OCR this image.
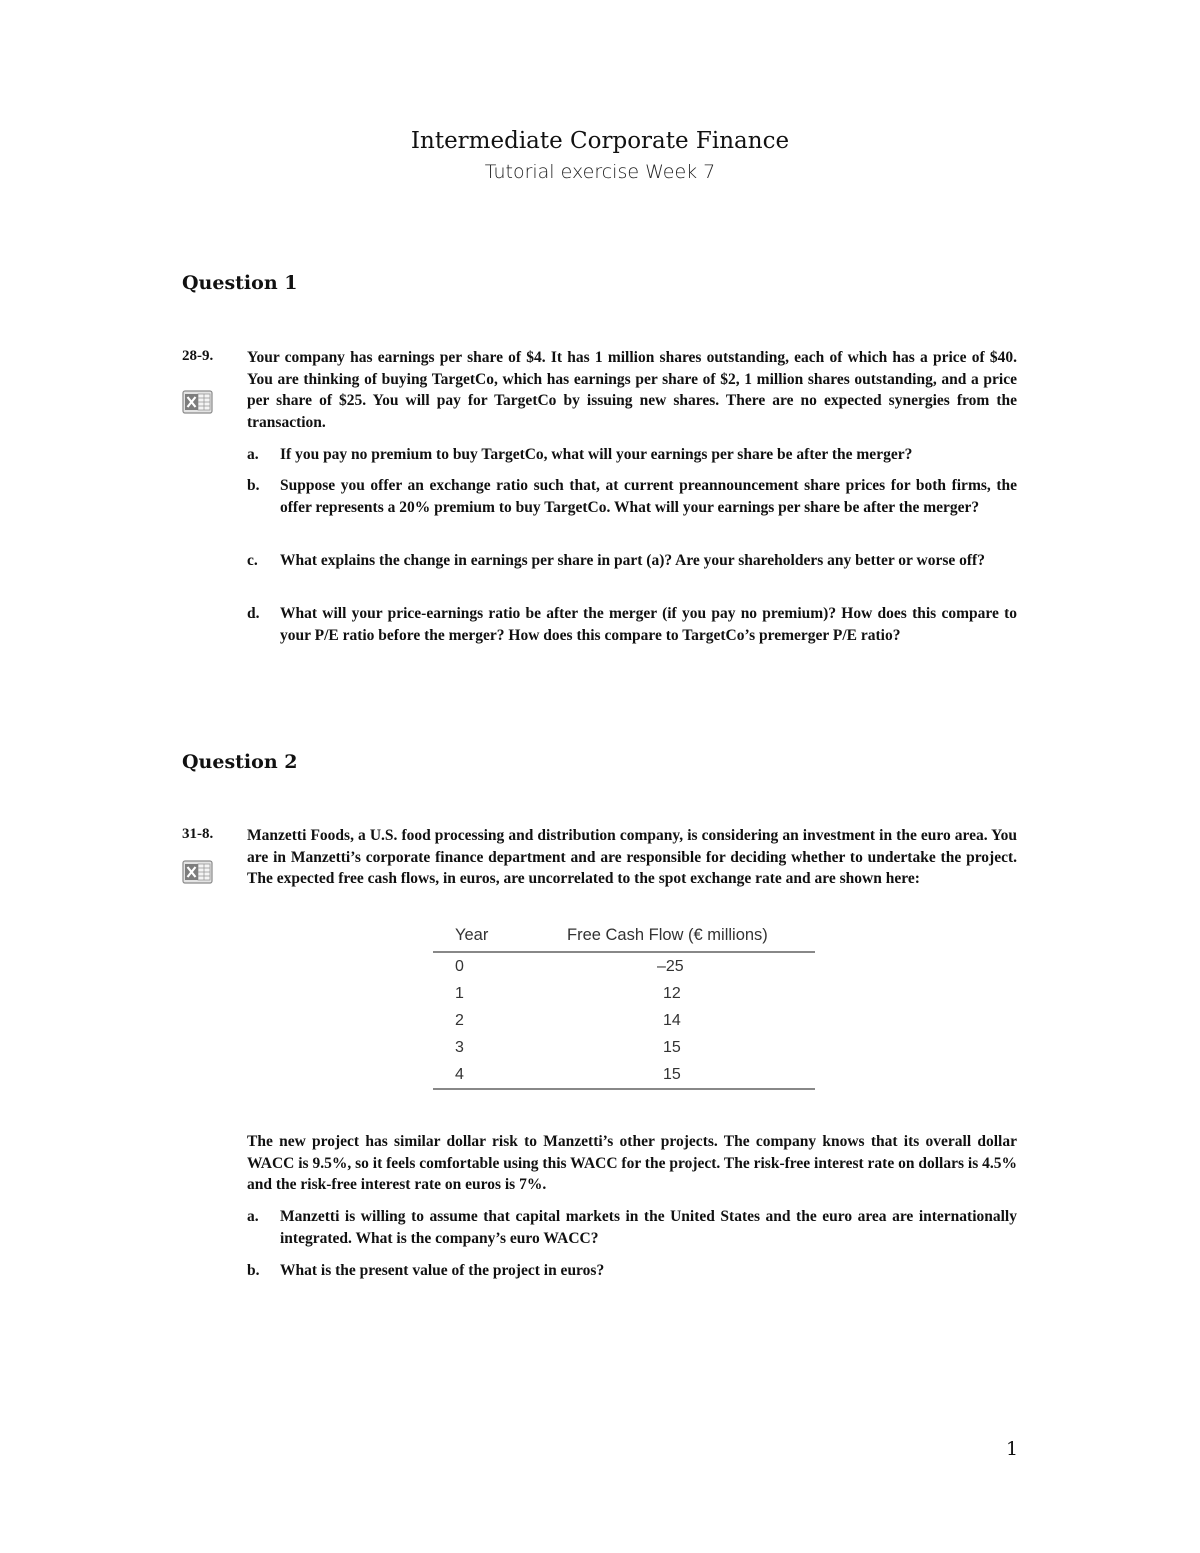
Intermediate Corporate Finance
Tutorial exercise Week 7
Question 1
28-9. Your company has earnings per share of $4. It has 1 million shares outstanding, each of which has a price of $40. You are thinking of buying TargetCo, which has earnings per share of $2, 1 million shares outstanding, and a price per share of $25. You will pay for TargetCo by issuing new shares. There are no expected synergies from the transaction.
a. If you pay no premium to buy TargetCo, what will your earnings per share be after the merger?
b. Suppose you offer an exchange ratio such that, at current preannouncement share prices for both firms, the offer represents a 20% premium to buy TargetCo. What will your earnings per share be after the merger?
c. What explains the change in earnings per share in part (a)? Are your shareholders any better or worse off?
d. What will your price-earnings ratio be after the merger (if you pay no premium)? How does this compare to your P/E ratio before the merger? How does this compare to TargetCo’s premerger P/E ratio?
Question 2
31-8. Manzetti Foods, a U.S. food processing and distribution company, is considering an investment in the euro area. You are in Manzetti’s corporate finance department and are responsible for deciding whether to undertake the project. The expected free cash flows, in euros, are uncorrelated to the spot exchange rate and are shown here:
Year	Free Cash Flow (€ millions)
0	–25
1	12
2	14
3	15
4	15
The new project has similar dollar risk to Manzetti’s other projects. The company knows that its overall dollar WACC is 9.5%, so it feels comfortable using this WACC for the project. The risk-free interest rate on dollars is 4.5% and the risk-free interest rate on euros is 7%.
a. Manzetti is willing to assume that capital markets in the United States and the euro area are internationally integrated. What is the company’s euro WACC?
b. What is the present value of the project in euros?
1
